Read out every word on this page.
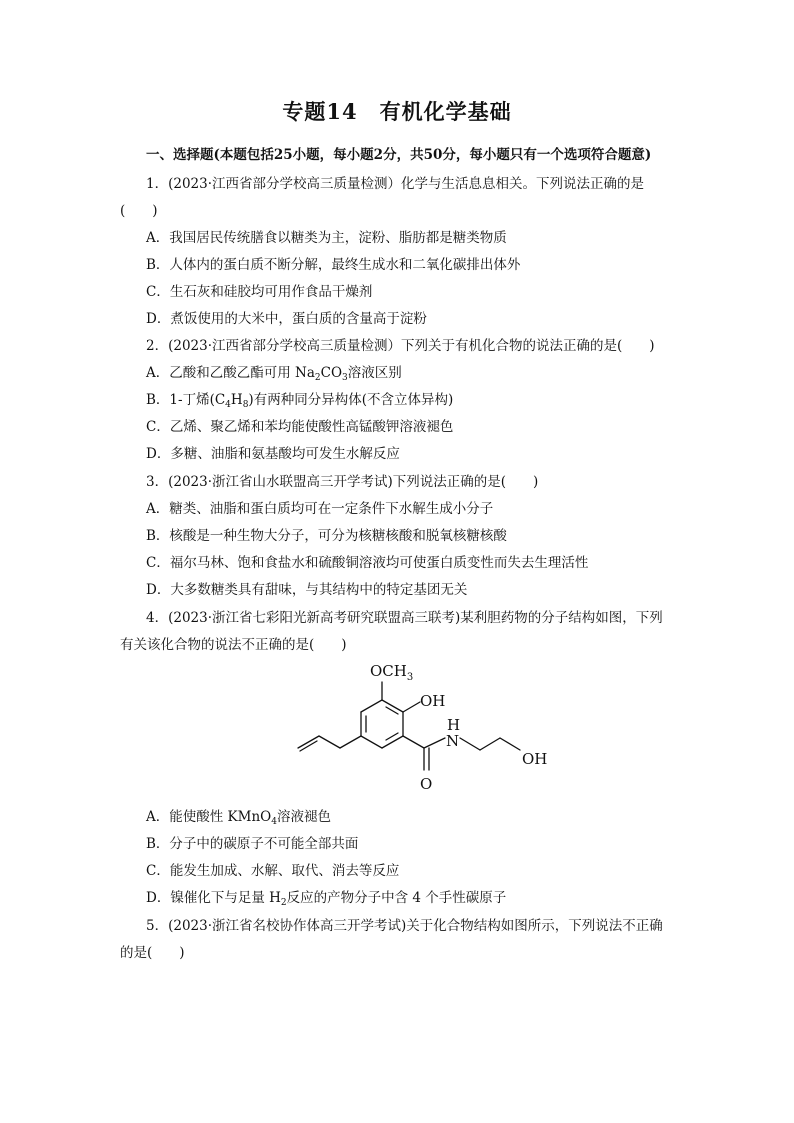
专题14　有机化学基础
一、选择题(本题包括25小题，每小题2分，共50分，每小题只有一个选项符合题意)
1．(2023·江西省部分学校高三质量检测）化学与生活息息相关。下列说法正确的是
(　　)
A．我国居民传统膳食以糖类为主，淀粉、脂肪都是糖类物质
B．人体内的蛋白质不断分解，最终生成水和二氧化碳排出体外
C．生石灰和硅胶均可用作食品干燥剂
D．煮饭使用的大米中，蛋白质的含量高于淀粉
2．(2023·江西省部分学校高三质量检测）下列关于有机化合物的说法正确的是(　　)
A．乙酸和乙酸乙酯可用 $Na_2CO_3$溶液区别
B．1-丁烯$(C_4H_8)$有两种同分异构体(不含立体异构)
C．乙烯、聚乙烯和苯均能使酸性高锰酸钾溶液褪色
D．多糖、油脂和氨基酸均可发生水解反应
3．(2023·浙江省山水联盟高三开学考试)下列说法正确的是(　　)
A．糖类、油脂和蛋白质均可在一定条件下水解生成小分子
B．核酸是一种生物大分子，可分为核糖核酸和脱氧核糖核酸
C．福尔马林、饱和食盐水和硫酸铜溶液均可使蛋白质变性而失去生理活性
D．大多数糖类具有甜味，与其结构中的特定基团无关
4．(2023·浙江省七彩阳光新高考研究联盟高三联考)某利胆药物的分子结构如图，下列
有关该化合物的说法不正确的是(　　)
$OCH_3$
OH
H
N
OH
O
A．能使酸性 KMnO$_4$溶液褪色
B．分子中的碳原子不可能全部共面
C．能发生加成、水解、取代、消去等反应
D．镍催化下与足量 $H_2$反应的产物分子中含 4 个手性碳原子
5．(2023·浙江省名校协作体高三开学考试)关于化合物结构如图所示，下列说法不正确
的是(　　)
